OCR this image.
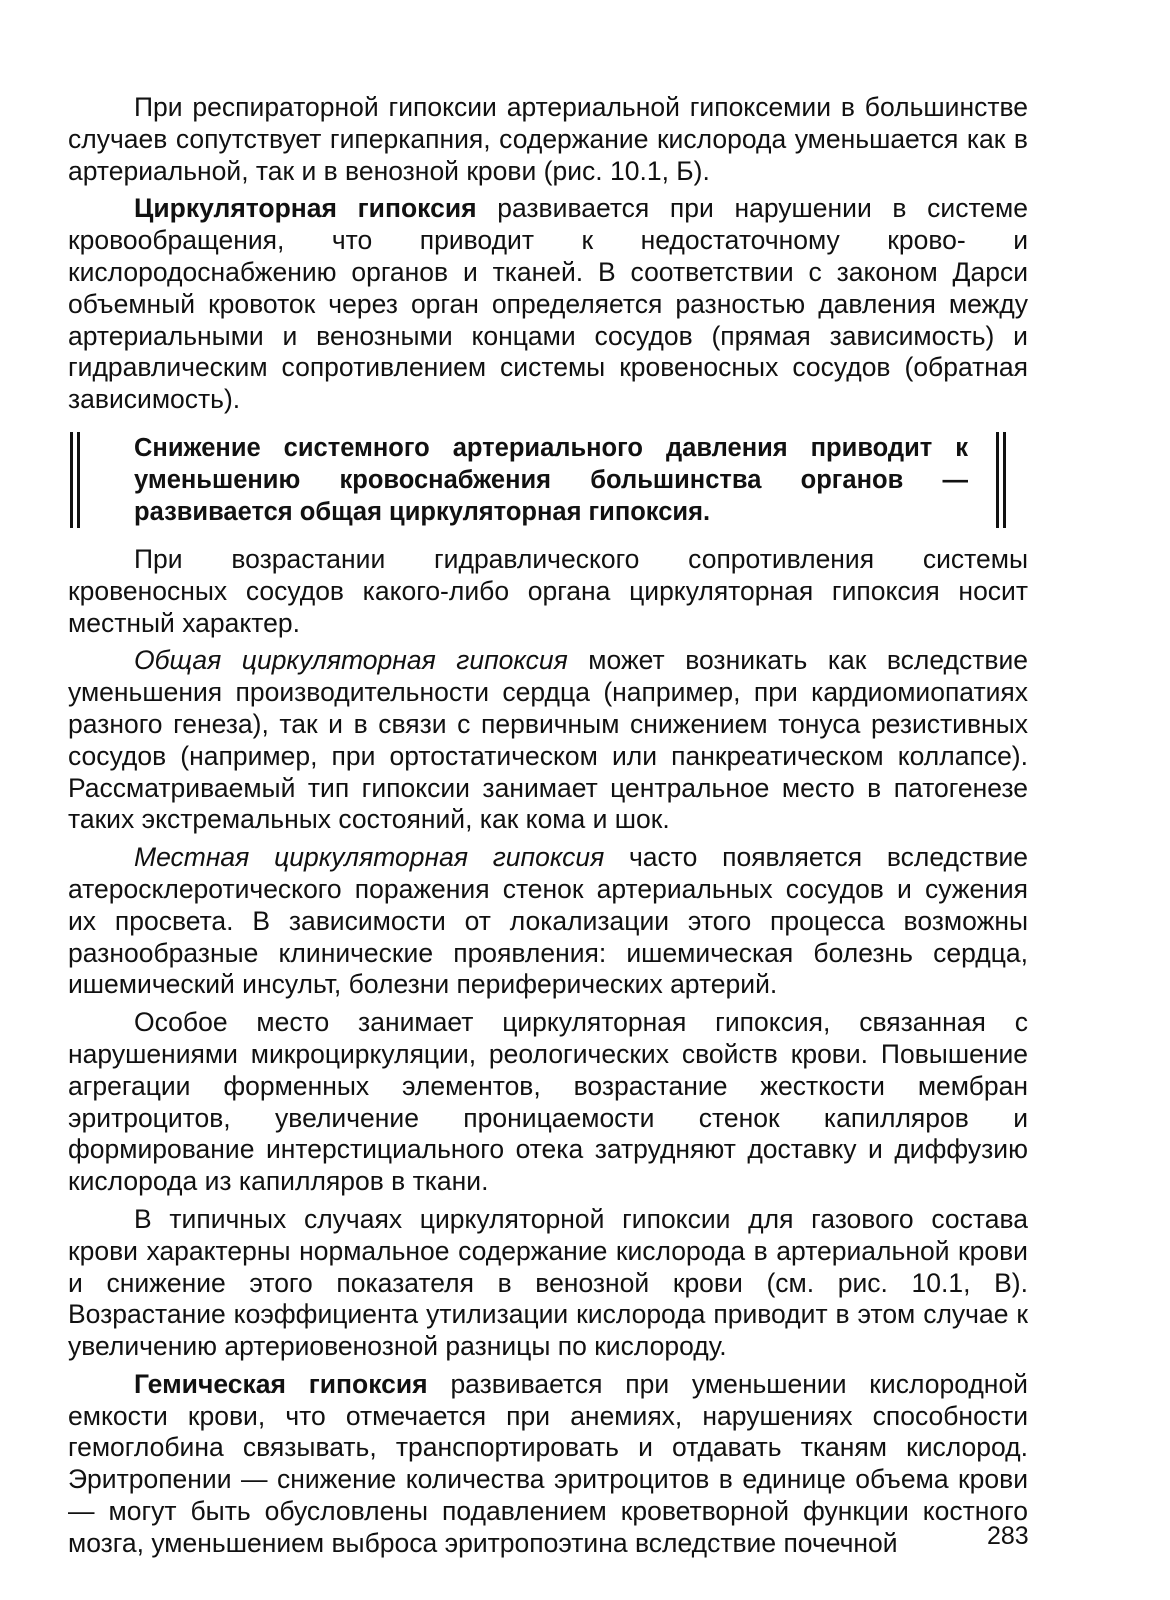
При респираторной гипоксии артериальной гипоксемии в большинстве случаев сопутствует гиперкапния, содержание кислорода уменьшается как в артериальной, так и в венозной крови (рис. 10.1, Б).

Циркуляторная гипоксия развивается при нарушении в системе кровообращения, что приводит к недостаточному крово- и кислородоснабжению органов и тканей. В соответствии с законом Дарси объемный кровоток через орган определяется разностью давления между артериальными и венозными концами сосудов (прямая зависимость) и гидравлическим сопротивлением системы кровеносных сосудов (обратная зависимость).

Снижение системного артериального давления приводит к уменьшению кровоснабжения большинства органов — развивается общая циркуляторная гипоксия.

При возрастании гидравлического сопротивления системы кровеносных сосудов какого-либо органа циркуляторная гипоксия носит местный характер.

Общая циркуляторная гипоксия может возникать как вследствие уменьшения производительности сердца (например, при кардиомиопатиях разного генеза), так и в связи с первичным снижением тонуса резистивных сосудов (например, при ортостатическом или панкреатическом коллапсе). Рассматриваемый тип гипоксии занимает центральное место в патогенезе таких экстремальных состояний, как кома и шок.

Местная циркуляторная гипоксия часто появляется вследствие атеросклеротического поражения стенок артериальных сосудов и сужения их просвета. В зависимости от локализации этого процесса возможны разнообразные клинические проявления: ишемическая болезнь сердца, ишемический инсульт, болезни периферических артерий.

Особое место занимает циркуляторная гипоксия, связанная с нарушениями микроциркуляции, реологических свойств крови. Повышение агрегации форменных элементов, возрастание жесткости мембран эритроцитов, увеличение проницаемости стенок капилляров и формирование интерстициального отека затрудняют доставку и диффузию кислорода из капилляров в ткани.

В типичных случаях циркуляторной гипоксии для газового состава крови характерны нормальное содержание кислорода в артериальной крови и снижение этого показателя в венозной крови (см. рис. 10.1, В). Возрастание коэффициента утилизации кислорода приводит в этом случае к увеличению артериовенозной разницы по кислороду.

Гемическая гипоксия развивается при уменьшении кислородной емкости крови, что отмечается при анемиях, нарушениях способности гемоглобина связывать, транспортировать и отдавать тканям кислород. Эритропении — снижение количества эритроцитов в единице объема крови — могут быть обусловлены подавлением кроветворной функции костного мозга, уменьшением выброса эритропоэтина вследствие почечной	283
